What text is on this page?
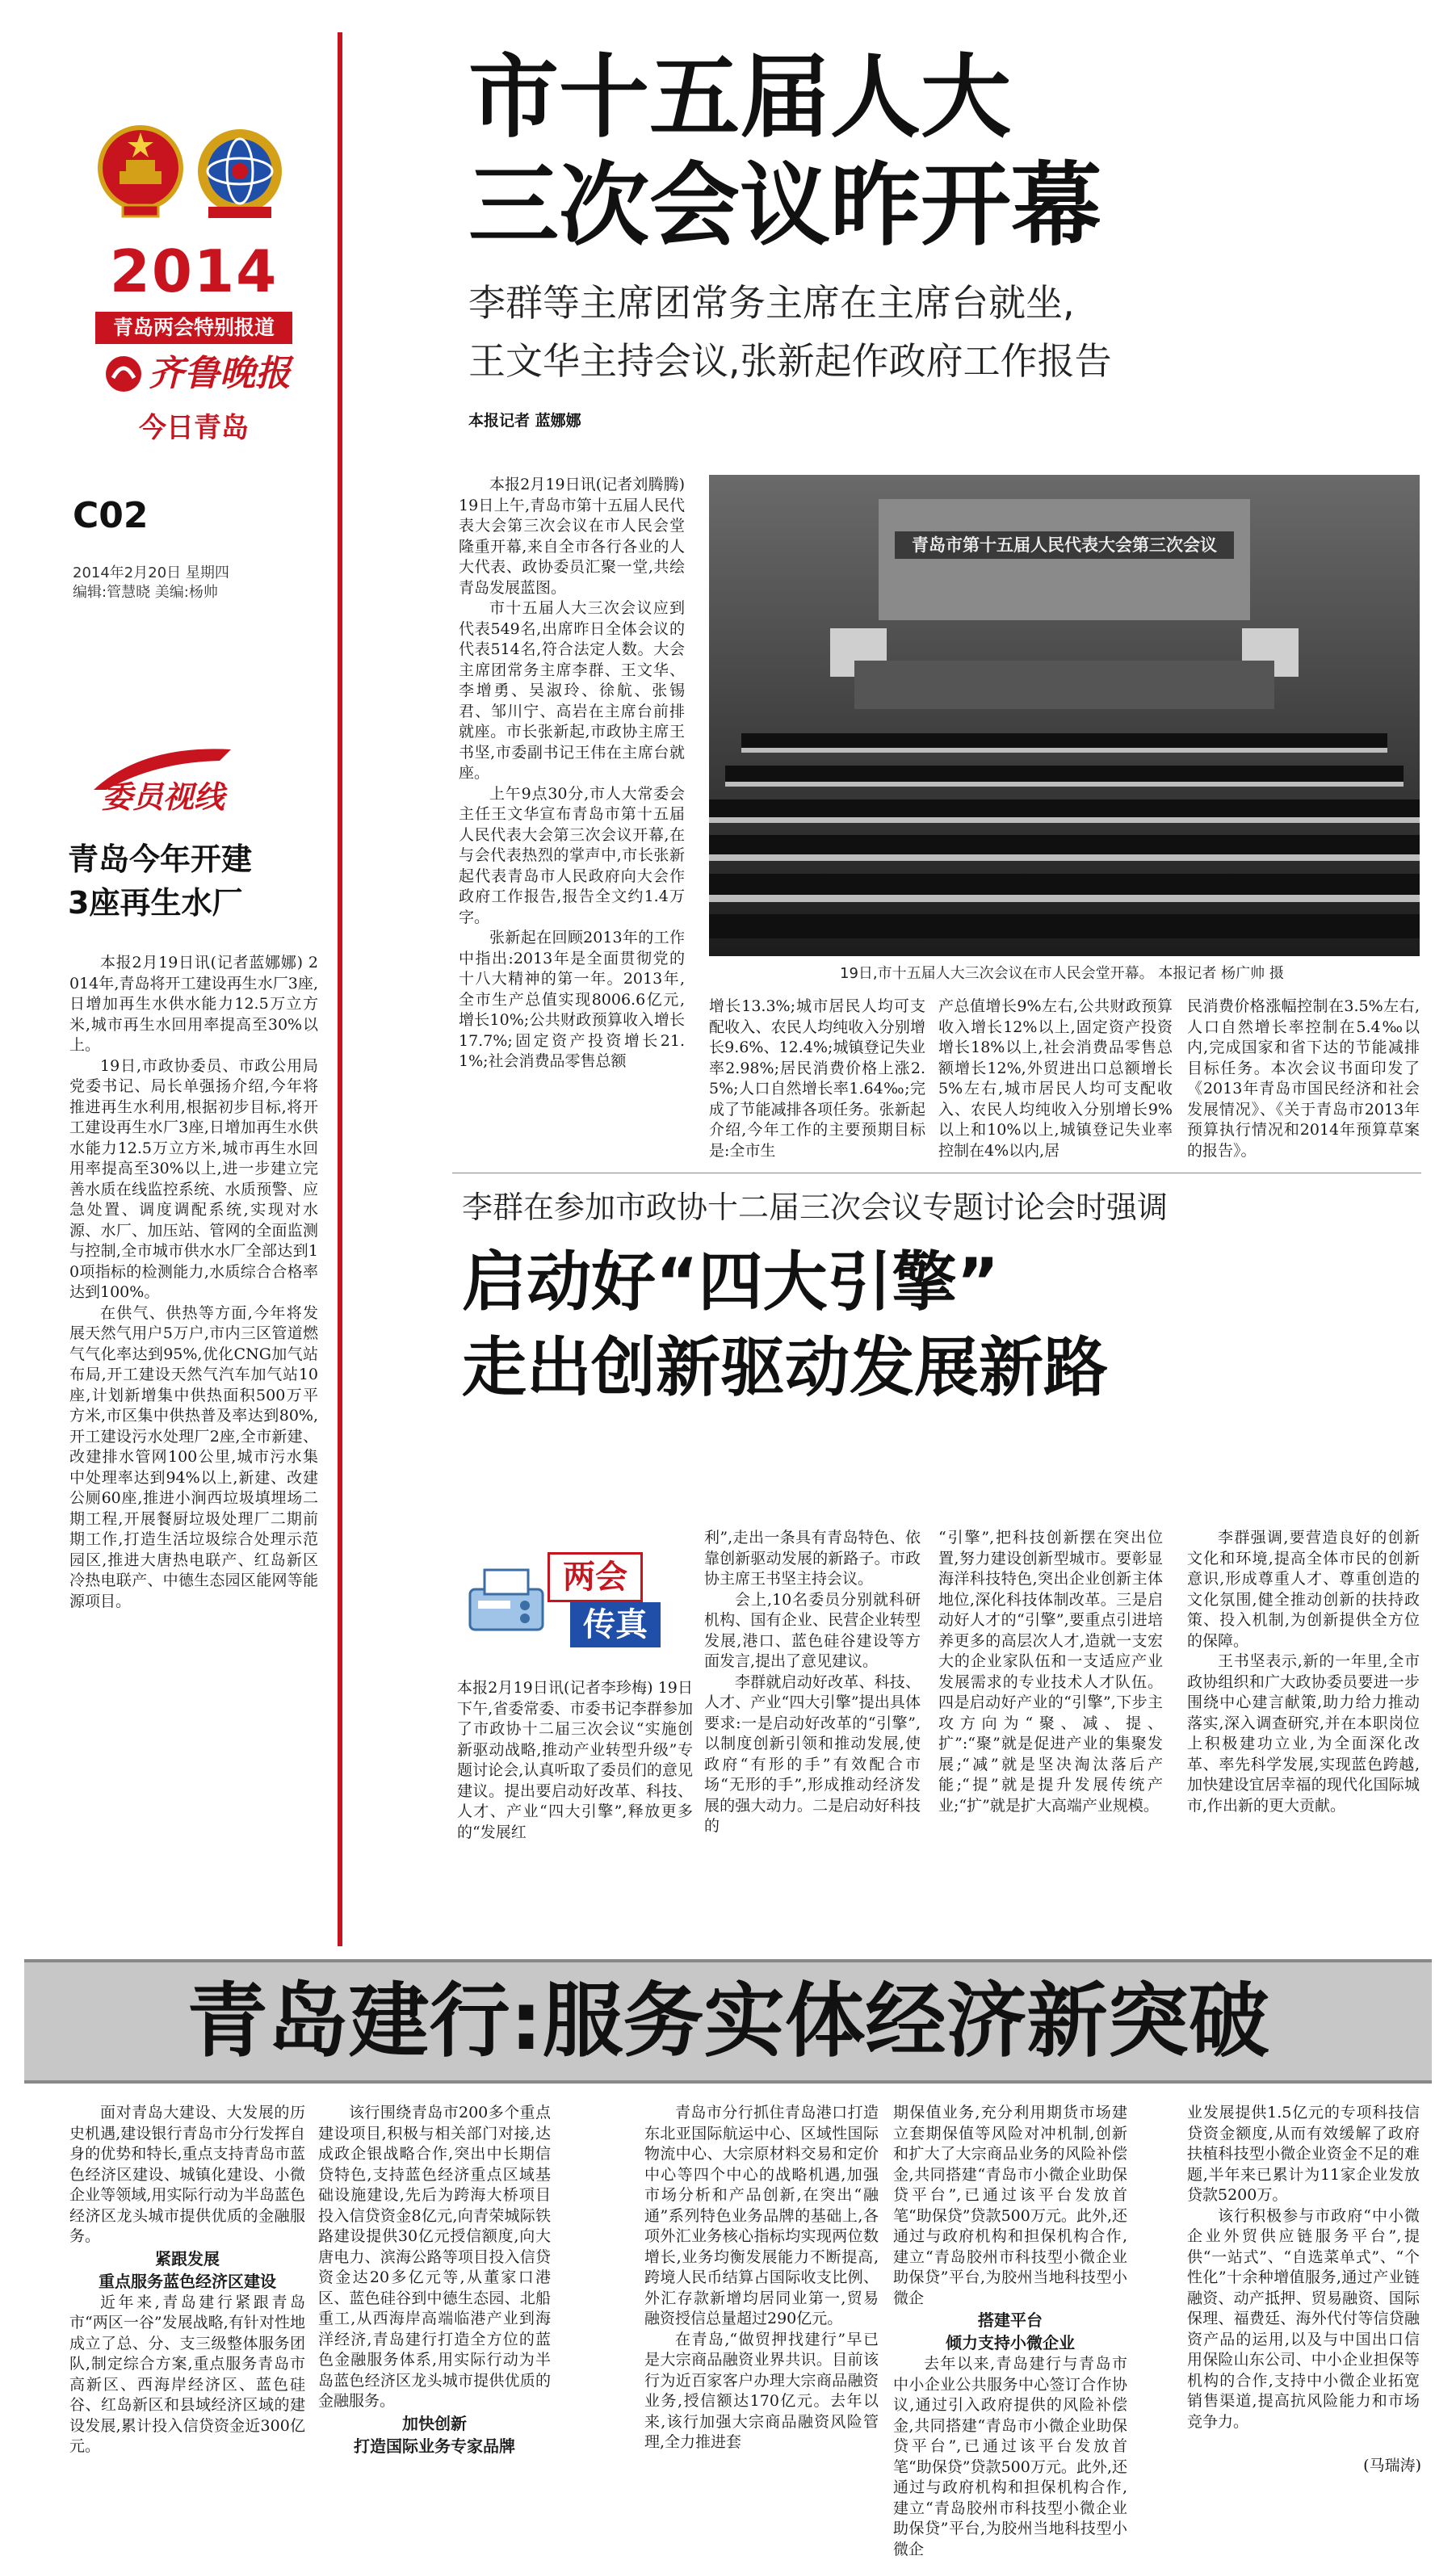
2014
青岛两会特别报道
齐鲁晚报
今日青岛
C02
2014年2月20日 星期四
编辑:管慧晓 美编:杨帅
市十五届人大
三次会议昨开幕
李群等主席团常务主席在主席台就坐,
王文华主持会议,张新起作政府工作报告
本报记者 蓝娜娜

本报2月19日讯(记者刘腾腾) 19日上午,青岛市第十五届人民代表大会第三次会议在市人民会堂隆重开幕,来自全市各行各业的人大代表、政协委员汇聚一堂,共绘青岛发展蓝图。

市十五届人大三次会议应到代表549名,出席昨日全体会议的代表514名,符合法定人数。大会主席团常务主席李群、王文华、李增勇、吴淑玲、徐航、张锡君、邹川宁、高岩在主席台前排就座。市长张新起,市政协主席王书坚,市委副书记王伟在主席台就座。

上午9点30分,市人大常委会主任王文华宣布青岛市第十五届人民代表大会第三次会议开幕,在与会代表热烈的掌声中,市长张新起代表青岛市人民政府向大会作政府工作报告,报告全文约1.4万字。

张新起在回顾2013年的工作中指出:2013年是全面贯彻党的十八大精神的第一年。2013年,全市生产总值实现8006.6亿元,增长10%;公共财政预算收入增长17.7%;固定资产投资增长21.1%;社会消费品零售总额

青岛市第十五届人民代表大会第三次会议
19日,市十五届人大三次会议在市人民会堂开幕。 本报记者 杨广帅 摄

增长13.3%;城市居民人均可支配收入、农民人均纯收入分别增长9.6%、12.4%;城镇登记失业率2.98%;居民消费价格上涨2.5%;人口自然增长率1.64‰;完成了节能减排各项任务。张新起介绍,今年工作的主要预期目标是:全市生

产总值增长9%左右,公共财政预算收入增长12%以上,固定资产投资增长18%以上,社会消费品零售总额增长12%,外贸进出口总额增长5%左右,城市居民人均可支配收入、农民人均纯收入分别增长9%以上和10%以上,城镇登记失业率控制在4%以内,居

民消费价格涨幅控制在3.5%左右,人口自然增长率控制在5.4‰以内,完成国家和省下达的节能减排目标任务。本次会议书面印发了《2013年青岛市国民经济和社会发展情况》、《关于青岛市2013年预算执行情况和2014年预算草案的报告》。

委员视线
青岛今年开建
3座再生水厂

本报2月19日讯(记者蓝娜娜) 2014年,青岛将开工建设再生水厂3座,日增加再生水供水能力12.5万立方米,城市再生水回用率提高至30%以上。

19日,市政协委员、市政公用局党委书记、局长单强扬介绍,今年将推进再生水利用,根据初步目标,将开工建设再生水厂3座,日增加再生水供水能力12.5万立方米,城市再生水回用率提高至30%以上,进一步建立完善水质在线监控系统、水质预警、应急处置、调度调配系统,实现对水源、水厂、加压站、管网的全面监测与控制,全市城市供水水厂全部达到10项指标的检测能力,水质综合合格率达到100%。

在供气、供热等方面,今年将发展天然气用户5万户,市内三区管道燃气气化率达到95%,优化CNG加气站布局,开工建设天然气汽车加气站10座,计划新增集中供热面积500万平方米,市区集中供热普及率达到80%,开工建设污水处理厂2座,全市新建、改建排水管网100公里,城市污水集中处理率达到94%以上,新建、改建公厕60座,推进小涧西垃圾填埋场二期工程,开展餐厨垃圾处理厂二期前期工作,打造生活垃圾综合处理示范园区,推进大唐热电联产、红岛新区冷热电联产、中德生态园区能网等能源项目。

李群在参加市政协十二届三次会议专题讨论会时强调
启动好“四大引擎”
走出创新驱动发展新路
两会
传真

本报2月19日讯(记者李珍梅) 19日下午,省委常委、市委书记李群参加了市政协十二届三次会议“实施创新驱动战略,推动产业转型升级”专题讨论会,认真听取了委员们的意见建议。提出要启动好改革、科技、人才、产业“四大引擎”,释放更多的“发展红

利”,走出一条具有青岛特色、依靠创新驱动发展的新路子。市政协主席王书坚主持会议。

会上,10名委员分别就科研机构、国有企业、民营企业转型发展,港口、蓝色硅谷建设等方面发言,提出了意见建议。

李群就启动好改革、科技、人才、产业“四大引擎”提出具体要求:一是启动好改革的“引擎”,以制度创新引领和推动发展,使政府“有形的手”有效配合市场“无形的手”,形成推动经济发展的强大动力。二是启动好科技的

“引擎”,把科技创新摆在突出位置,努力建设创新型城市。要彰显海洋科技特色,突出企业创新主体地位,深化科技体制改革。三是启动好人才的“引擎”,要重点引进培养更多的高层次人才,造就一支宏大的企业家队伍和一支适应产业发展需求的专业技术人才队伍。四是启动好产业的“引擎”,下步主攻方向为“聚、减、提、扩”:“聚”就是促进产业的集聚发展;“减”就是坚决淘汰落后产能;“提”就是提升发展传统产业;“扩”就是扩大高端产业规模。

李群强调,要营造良好的创新文化和环境,提高全体市民的创新意识,形成尊重人才、尊重创造的文化氛围,健全推动创新的扶持政策、投入机制,为创新提供全方位的保障。

王书坚表示,新的一年里,全市政协组织和广大政协委员要进一步围绕中心建言献策,助力给力推动落实,深入调查研究,并在本职岗位上积极建功立业,为全面深化改革、率先科学发展,实现蓝色跨越,加快建设宜居幸福的现代化国际城市,作出新的更大贡献。

青岛建行:服务实体经济新突破

面对青岛大建设、大发展的历史机遇,建设银行青岛市分行发挥自身的优势和特长,重点支持青岛市蓝色经济区建设、城镇化建设、小微企业等领域,用实际行动为半岛蓝色经济区龙头城市提供优质的金融服务。

紧跟发展
重点服务蓝色经济区建设

近年来,青岛建行紧跟青岛市“两区一谷”发展战略,有针对性地成立了总、分、支三级整体服务团队,制定综合方案,重点服务青岛市高新区、西海岸经济区、蓝色硅谷、红岛新区和县域经济区域的建设发展,累计投入信贷资金近300亿元。

该行围绕青岛市200多个重点建设项目,积极与相关部门对接,达成政企银战略合作,突出中长期信贷特色,支持蓝色经济重点区域基础设施建设,先后为跨海大桥项目投入信贷资金8亿元,向青荣城际铁路建设提供30亿元授信额度,向大唐电力、滨海公路等项目投入信贷资金达20多亿元等,从董家口港区、蓝色硅谷到中德生态园、北船重工,从西海岸高端临港产业到海洋经济,青岛建行打造全方位的蓝色金融服务体系,用实际行动为半岛蓝色经济区龙头城市提供优质的金融服务。

加快创新
打造国际业务专家品牌

青岛市分行抓住青岛港口打造东北亚国际航运中心、区域性国际物流中心、大宗原材料交易和定价中心等四个中心的战略机遇,加强市场分析和产品创新,在突出“融通”系列特色业务品牌的基础上,各项外汇业务核心指标均实现两位数增长,业务均衡发展能力不断提高,跨境人民币结算占国际收支比例、外汇存款新增均居同业第一,贸易融资授信总量超过290亿元。

在青岛,“做贸押找建行”早已是大宗商品融资业界共识。目前该行为近百家客户办理大宗商品融资业务,授信额达170亿元。去年以来,该行加强大宗商品融资风险管理,全力推进套

期保值业务,充分利用期货市场建立套期保值等风险对冲机制,创新和扩大了大宗商品业务的风险补偿金,共同搭建“青岛市小微企业助保贷平台”,已通过该平台发放首笔“助保贷”贷款500万元。此外,还通过与政府机构和担保机构合作,建立“青岛胶州市科技型小微企业助保贷”平台,为胶州当地科技型小微企

搭建平台
倾力支持小微企业

去年以来,青岛建行与青岛市中小企业公共服务中心签订合作协议,通过引入政府提供的风险补偿金,共同搭建“青岛市小微企业助保贷平台”,已通过该平台发放首笔“助保贷”贷款500万元。此外,还通过与政府机构和担保机构合作,建立“青岛胶州市科技型小微企业助保贷”平台,为胶州当地科技型小微企

业发展提供1.5亿元的专项科技信贷资金额度,从而有效缓解了政府扶植科技型小微企业资金不足的难题,半年来已累计为11家企业发放贷款5200万。

该行积极参与市政府“中小微企业外贸供应链服务平台”,提供“一站式”、“自选菜单式”、“个性化”十余种增值服务,通过产业链融资、动产抵押、贸易融资、国际保理、福费廷、海外代付等信贷融资产品的运用,以及与中国出口信用保险山东公司、中小企业担保等机构的合作,支持中小微企业拓宽销售渠道,提高抗风险能力和市场竞争力。

(马瑞涛)
